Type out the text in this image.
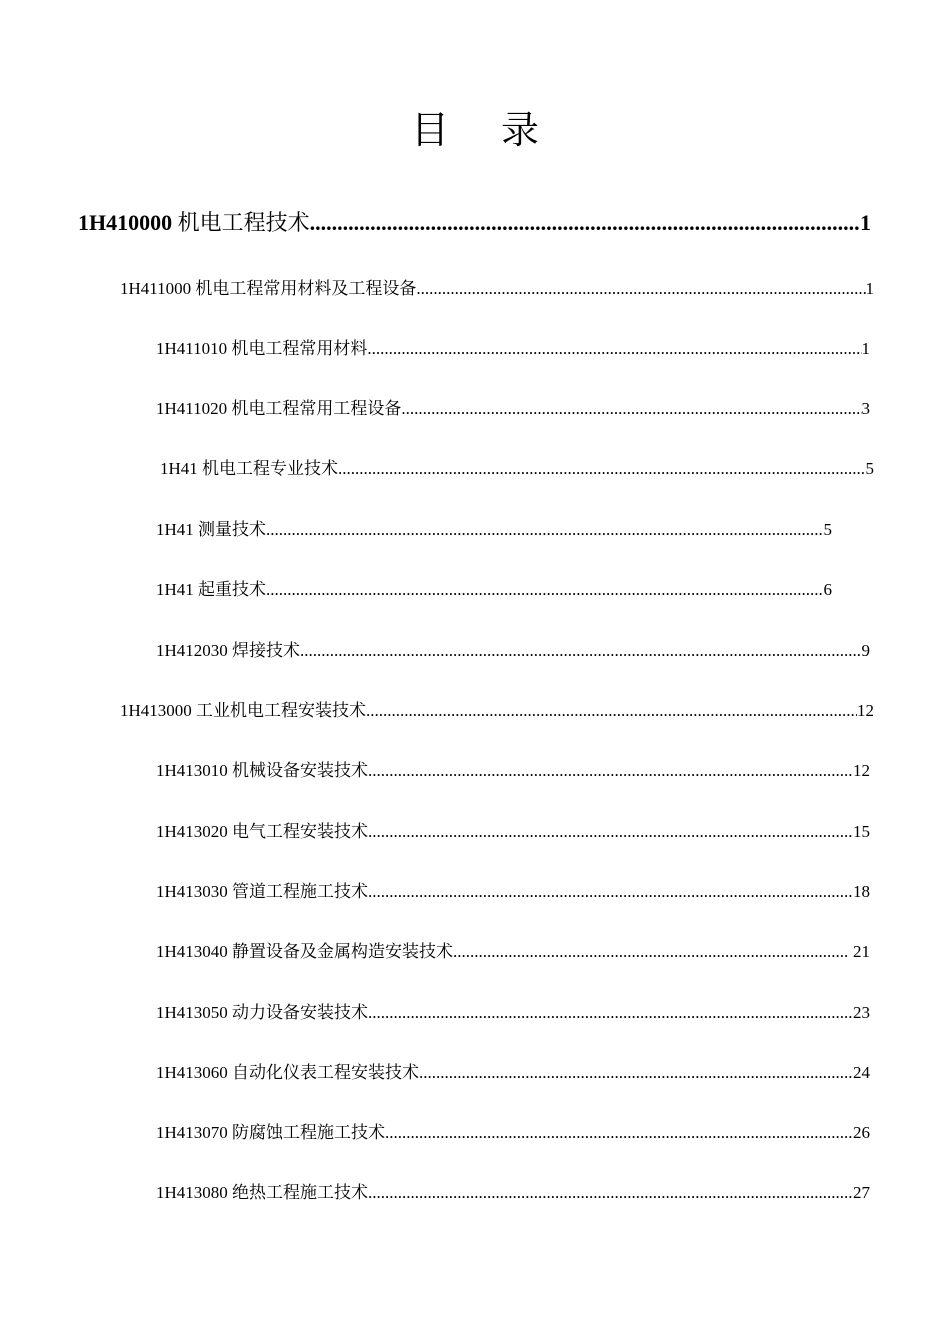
目 录
1H410000 机电工程技术 .....	1
1H411000 机电工程常用材料及工程设备 .....	1
1H411010 机电工程常用材料 .....	1
1H411020 机电工程常用工程设备 .....	3
1H41 机电工程专业技术 .....	5
1H41 测量技术 .....	5
1H41 起重技术 .....	6
1H412030 焊接技术 .....	9
1H413000 工业机电工程安装技术 .....	12
1H413010 机械设备安装技术 .....	12
1H413020 电气工程安装技术 .....	15
1H413030 管道工程施工技术 .....	18
1H413040 静置设备及金属构造安装技术 .....	21
1H413050 动力设备安装技术 .....	23
1H413060 自动化仪表工程安装技术 .....	24
1H413070 防腐蚀工程施工技术 .....	26
1H413080 绝热工程施工技术 .....	27
